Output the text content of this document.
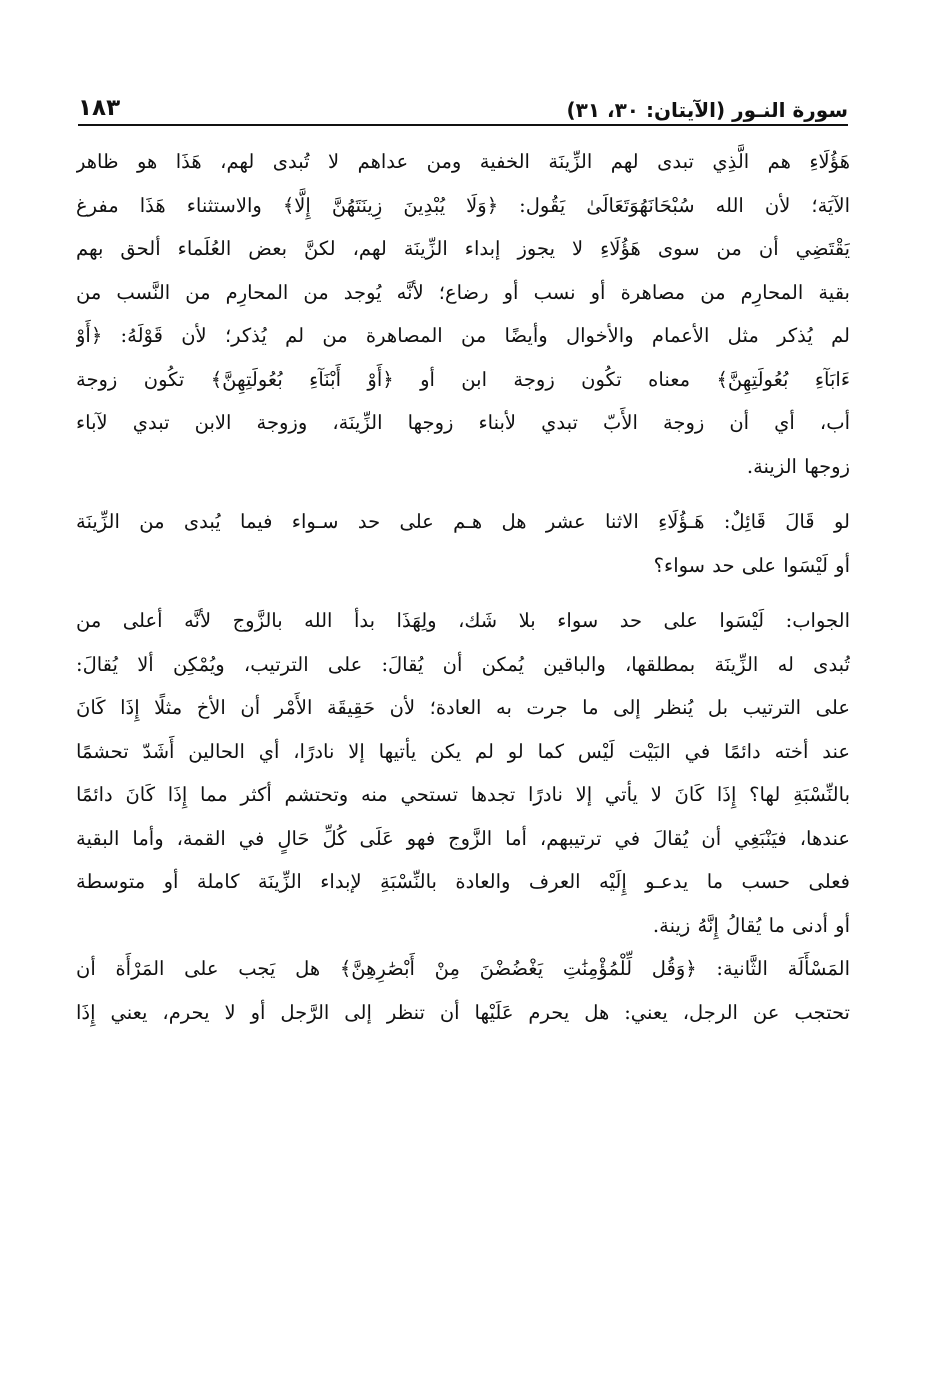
سورة النـور (الآيتان: ٣٠، ٣١)
١٨٣

هَؤُلَاءِ هم الَّذِي تبدى لهم الزِّينَة الخفية ومن عداهم لا تُبدى لهم، هَذَا هو ظاهر
الآيَة؛ لأن الله سُبْحَانَهُوَتَعَالَىٰ يَقُول: ﴿وَلَا يُبْدِينَ زِينَتَهُنَّ إِلَّا﴾ والاستثناء هَذَا مفرغ
يَقْتَضِي أن من سوى هَؤُلَاءِ لا يجوز إبداء الزِّينَة لهم، لكنَّ بعض العُلَماء ألحق بهم
بقية المحارِم من مصاهرة أو نسب أو رضاع؛ لأنَّه يُوجد من المحارِم من النَّسب من
لم يُذكر مثل الأعمام والأخوال وأيضًا من المصاهرة من لم يُذكر؛ لأن قَوْلَهُ: ﴿أَوْ
ءَابَآءِ بُعُولَتِهِنَّ﴾ معناه تكُون زوجة ابن أو ﴿أَوْ أَبْنَآءِ بُعُولَتِهِنَّ﴾ تكُون زوجة
أب، أي أن زوجة الأَبّ تبدي لأبناء زوجها الزِّينَة، وزوجة الابن تبدي لآباء
زوجها الزينة.

لو قَالَ قَائِلٌ: هَـؤُلَاءِ الاثنا عشر هل هـم على حد سـواء فيما يُبدى من الزِّينَة
أو لَيْسَوا على حد سواء؟

الجواب: لَيْسَوا على حد سواء بلا شَك، ولِهَذَا بدأ الله بالزَّوج لأنَّه أعلى من
تُبدى له الزِّينَة بمطلقها، والباقين يُمكن أن يُقالَ: على الترتيب، ويُمْكِن ألا يُقالَ:
على الترتيب بل يُنظر إلى ما جرت به العادة؛ لأن حَقِيقَة الأَمْر أن الأخ مثلًا إِذَا كَانَ
عند أخته دائمًا في البَيْت لَيْس كما لو لم يكن يأتيها إلا نادرًا، أي الحالين أَشَدّ تحشمًا
بالنِّسْبَةِ لها؟ إِذَا كَانَ لا يأتي إلا نادرًا تجدها تستحي منه وتحتشم أكثر مما إِذَا كَانَ دائمًا
عندها، فيَنْبَغِي أن يُقالَ في ترتيبهم، أما الزَّوج فهو عَلَى كُلِّ حَالٍ في القمة، وأما البقية
فعلى حسب ما يدعـو إِلَيْه العرف والعادة بالنِّسْبَةِ لإبداء الزِّينَة كاملة أو متوسطة
أو أدنى ما يُقالُ إِنَّهُ زينة.

المَسْأَلَة الثَّانية: ﴿وَقُل لِّلْمُؤْمِنَٰتِ يَغْضُضْنَ مِنْ أَبْصَٰرِهِنَّ﴾ هل يَجب على المَرْأَة أن
تحتجب عن الرجل، يعني: هل يحرم عَلَيْها أن تنظر إلى الرَّجل أو لا يحرم، يعني إِذَا
